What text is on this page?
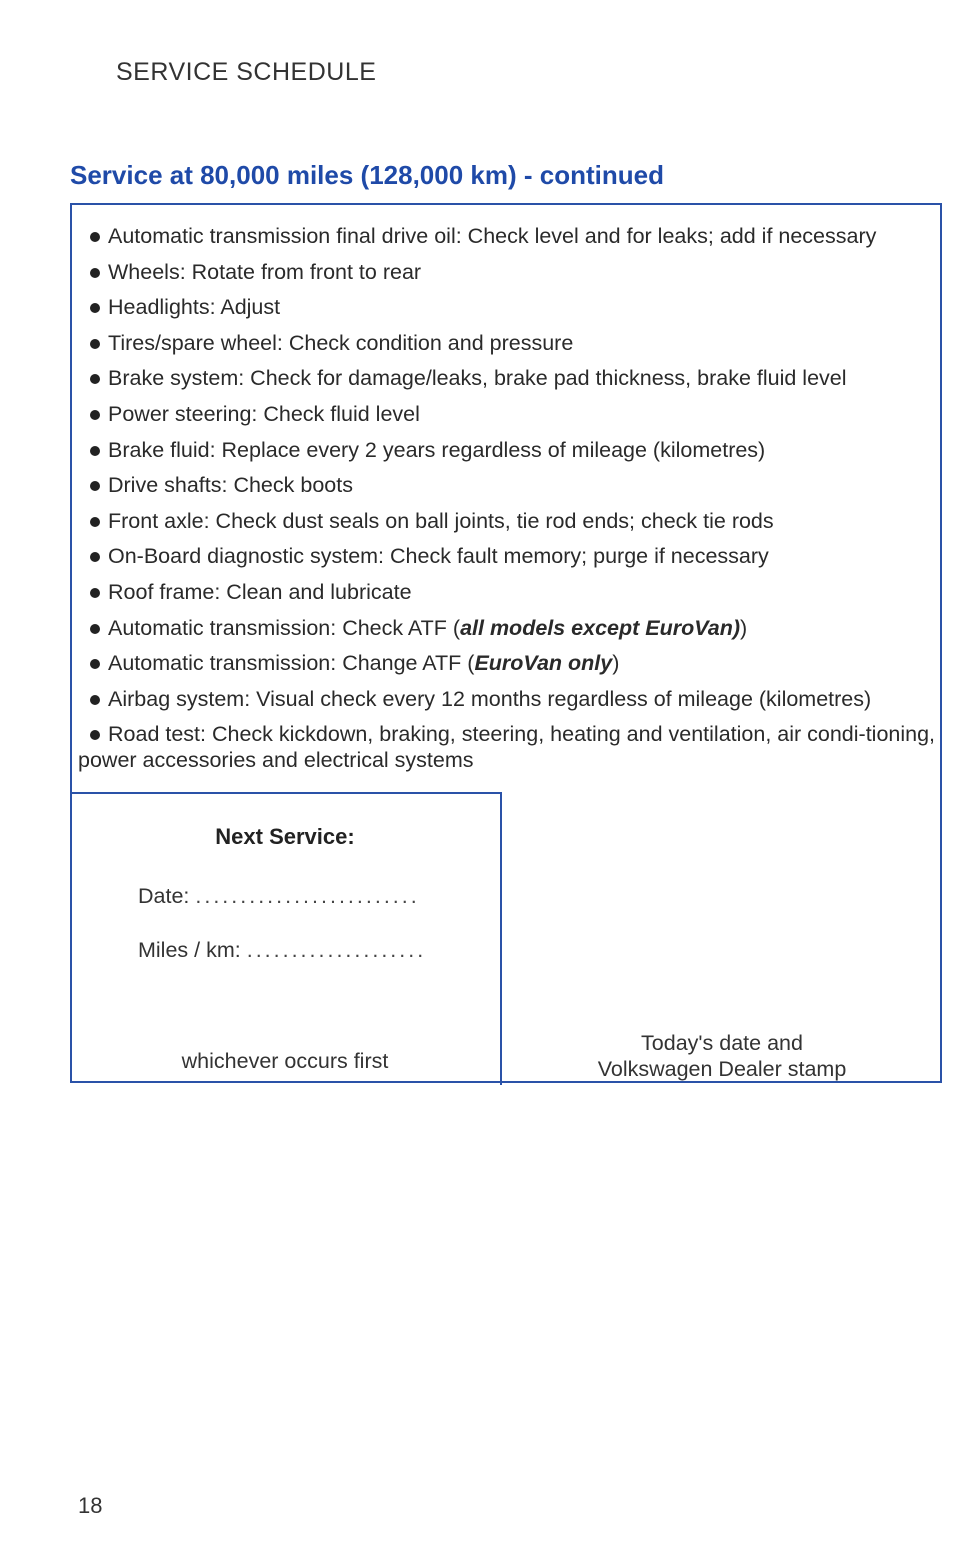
SERVICE SCHEDULE
Service at 80,000 miles (128,000 km) - continued
Automatic transmission final drive oil: Check level and for leaks; add if necessary
Wheels: Rotate from front to rear
Headlights: Adjust
Tires/spare wheel: Check condition and pressure
Brake system: Check for damage/leaks, brake pad thickness, brake fluid level
Power steering: Check fluid level
Brake fluid: Replace every 2 years regardless of mileage (kilometres)
Drive shafts: Check boots
Front axle: Check dust seals on ball joints, tie rod ends; check tie rods
On-Board diagnostic system: Check fault memory; purge if necessary
Roof frame: Clean and lubricate
Automatic transmission: Check ATF (all models except EuroVan))
Automatic transmission: Change ATF (EuroVan only)
Airbag system: Visual check every 12 months regardless of mileage (kilometres)
Road test: Check kickdown, braking, steering, heating and ventilation, air condi-tioning, power accessories and electrical systems
Next Service:
Date: .........................
Miles / km: ....................
whichever occurs first
Today's date and
Volkswagen Dealer stamp
18
